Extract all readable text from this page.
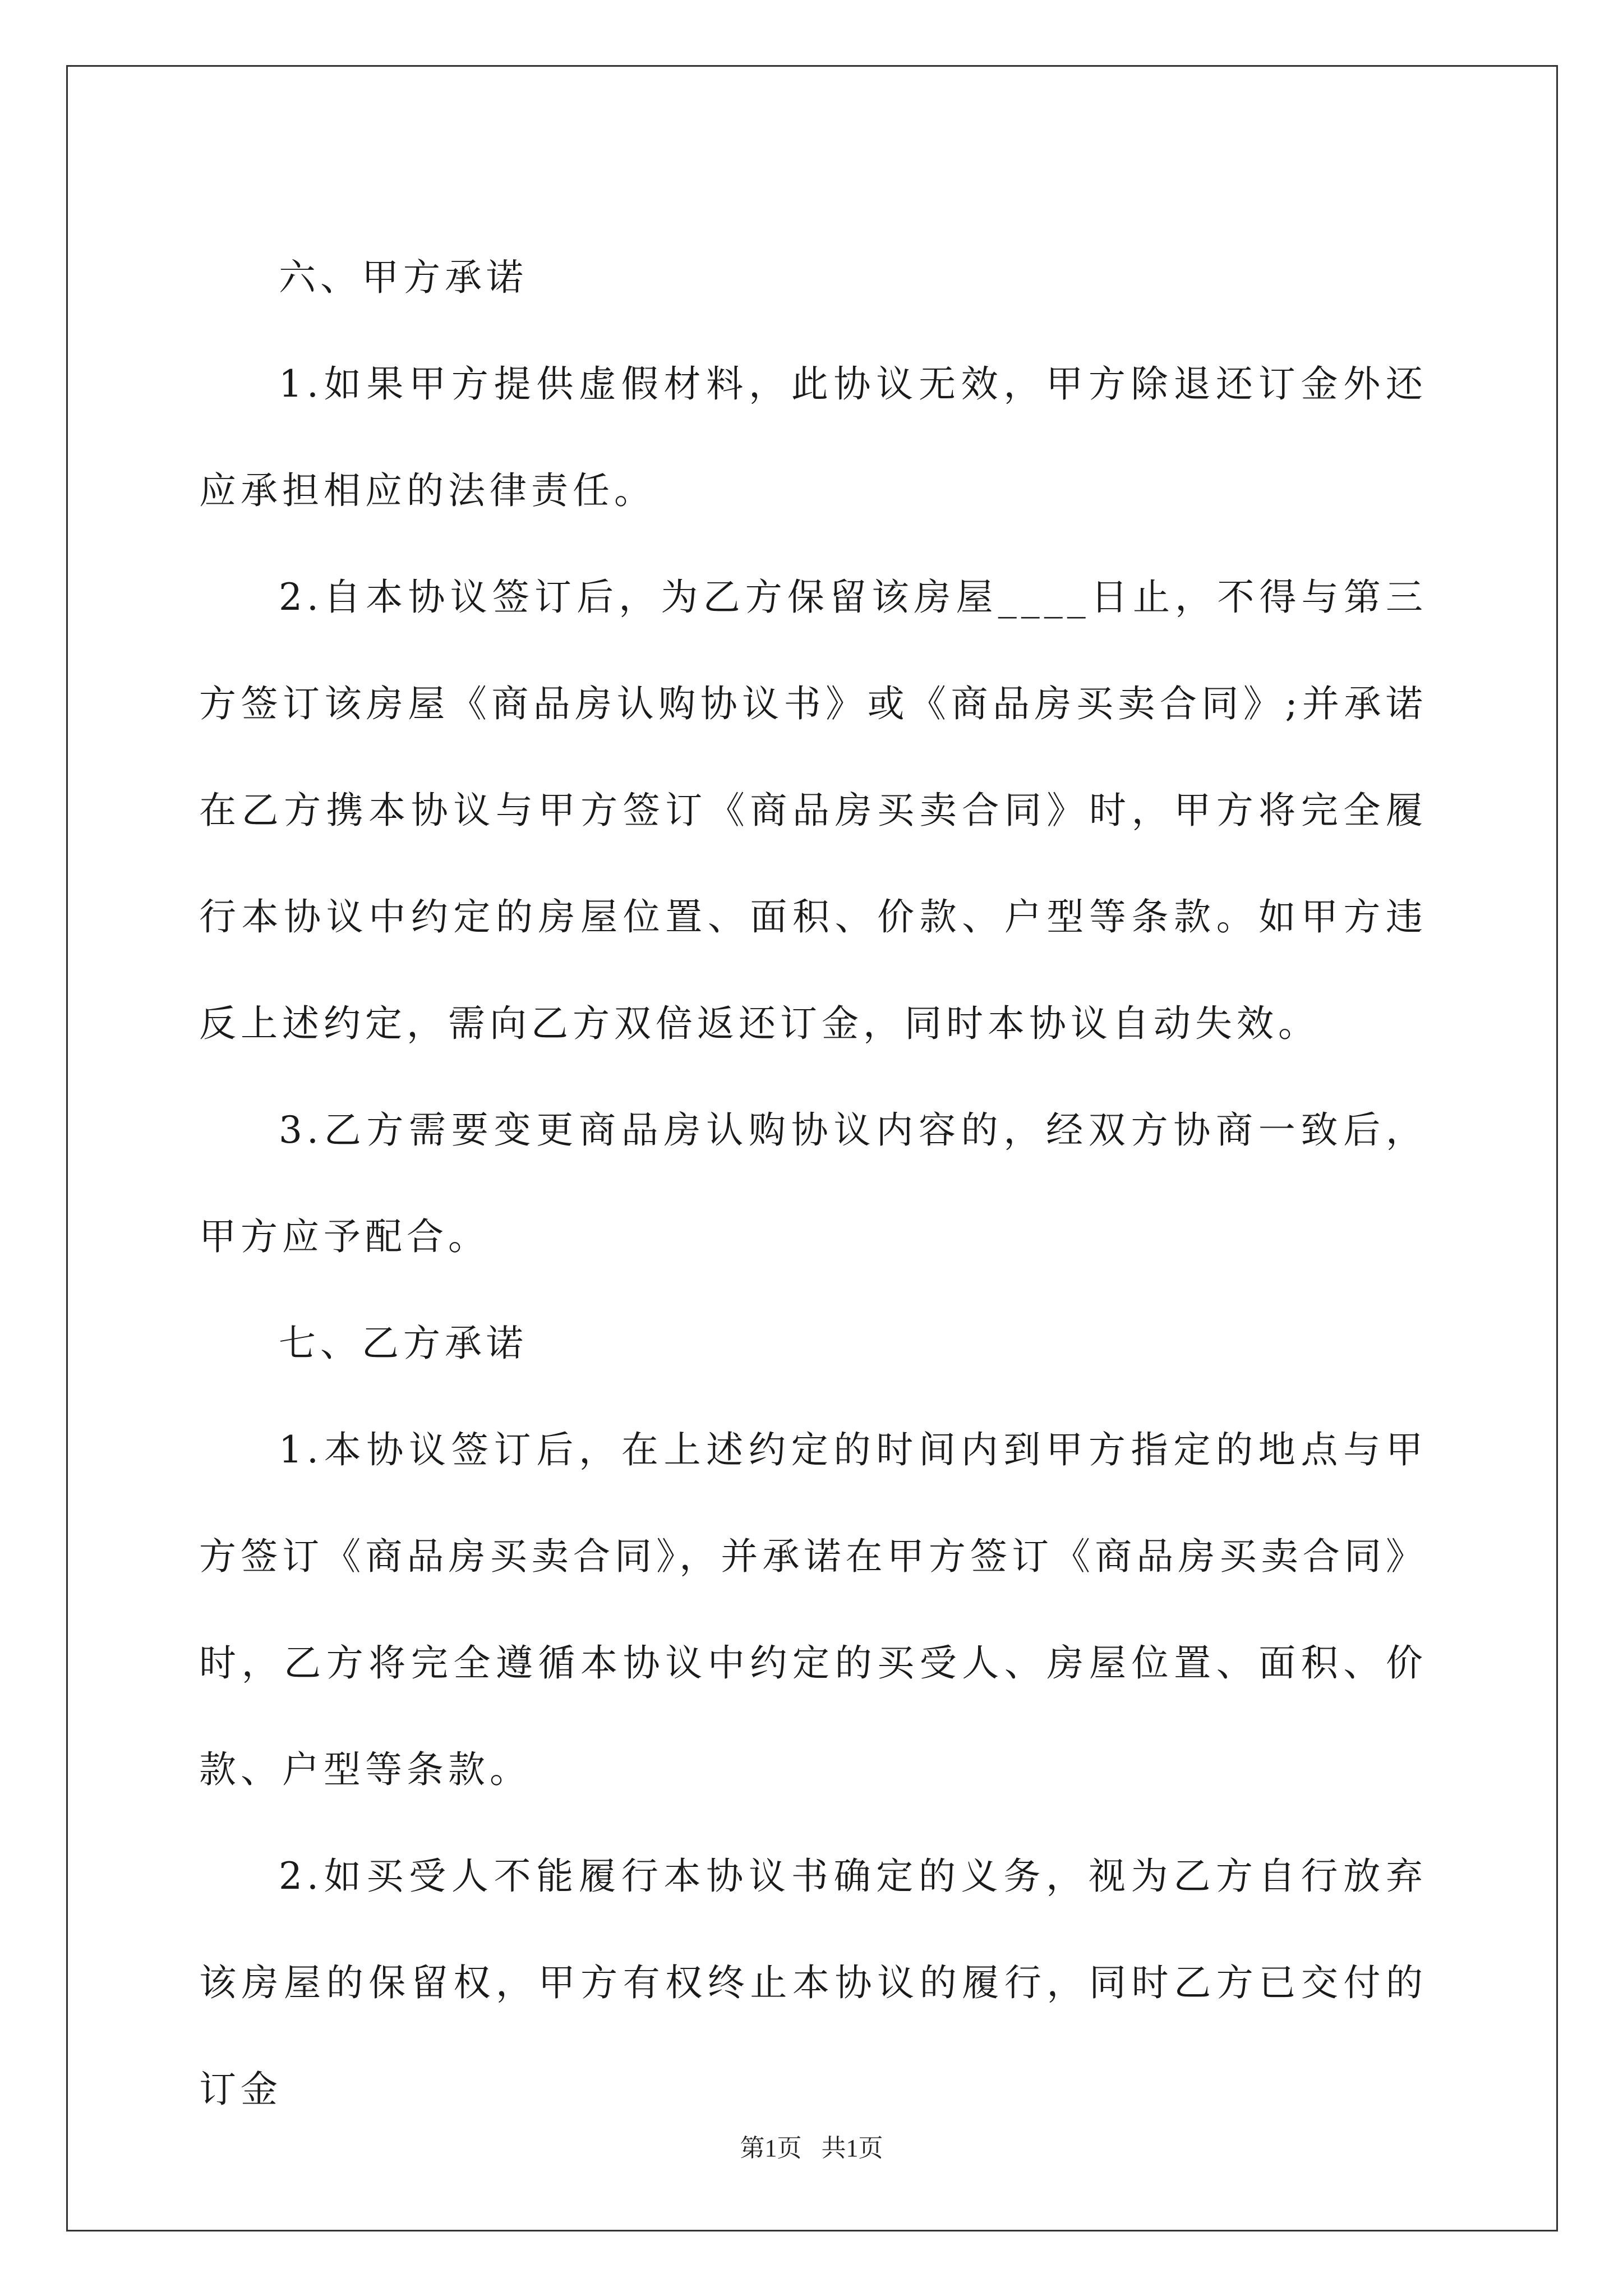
六、甲方承诺

1.如果甲方提供虚假材料，此协议无效，甲方除退还订金外还应承担相应的法律责任。

2.自本协议签订后，为乙方保留该房屋____日止，不得与第三方签订该房屋《商品房认购协议书》或《商品房买卖合同》;并承诺在乙方携本协议与甲方签订《商品房买卖合同》时，甲方将完全履行本协议中约定的房屋位置、面积、价款、户型等条款。如甲方违反上述约定，需向乙方双倍返还订金，同时本协议自动失效。

3.乙方需要变更商品房认购协议内容的，经双方协商一致后，甲方应予配合。

七、乙方承诺

1.本协议签订后，在上述约定的时间内到甲方指定的地点与甲方签订《商品房买卖合同》，并承诺在甲方签订《商品房买卖合同》时，乙方将完全遵循本协议中约定的买受人、房屋位置、面积、价款、户型等条款。

2.如买受人不能履行本协议书确定的义务，视为乙方自行放弃该房屋的保留权，甲方有权终止本协议的履行，同时乙方已交付的订金

第1页 共1页
